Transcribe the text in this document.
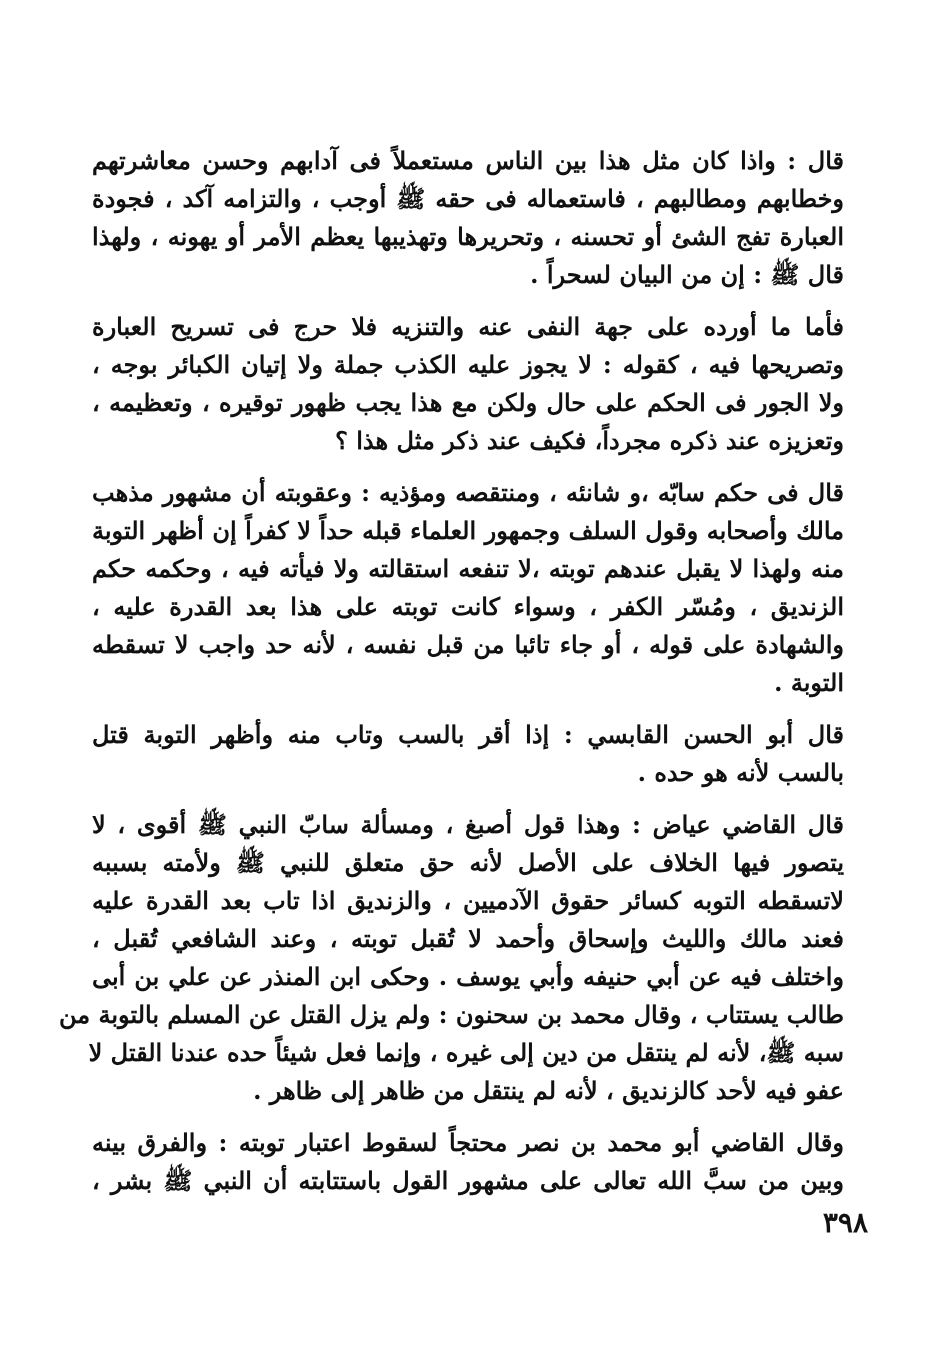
قال : واذا كان مثل هذا بين الناس مستعملاً فى آدابهم وحسن معاشرتهم
وخطابهم ومطالبهم ، فاستعماله فى حقه ﷺ أوجب ، والتزامه آكد ، فجودة
العبارة تفج الشئ أو تحسنه ، وتحريرها وتهذيبها يعظم الأمر أو يهونه ، ولهذا
قال ﷺ : إن من البيان لسحراً .

فأما ما أورده على جهة النفى عنه والتنزيه فلا حرج فى تسريح العبارة
وتصريحها فيه ، كقوله : لا يجوز عليه الكذب جملة ولا إتيان الكبائر بوجه ،
ولا الجور فى الحكم على حال ولكن مع هذا يجب ظهور توقيره ، وتعظيمه ،
وتعزيزه عند ذكره مجرداً، فكيف عند ذكر مثل هذا ؟

قال فى حكم سابّه ،و شانئه ، ومنتقصه ومؤذيه : وعقوبته أن مشهور مذهب
مالك وأصحابه وقول السلف وجمهور العلماء قبله حداً لا كفراً إن أظهر التوبة
منه ولهذا لا يقبل عندهم توبته ،لا تنفعه استقالته ولا فيأته فيه ، وحكمه حكم
الزنديق ، ومُسّر الكفر ، وسواء كانت توبته على هذا بعد القدرة عليه ،
والشهادة على قوله ، أو جاء تائبا من قبل نفسه ، لأنه حد واجب لا تسقطه
التوبة .

قال أبو الحسن القابسي : إذا أقر بالسب وتاب منه وأظهر التوبة قتل
بالسب لأنه هو حده .

قال القاضي عياض : وهذا قول أصبغ ، ومسألة سابّ النبي ﷺ أقوى ، لا
يتصور فيها الخلاف على الأصل لأنه حق متعلق للنبي ﷺ ولأمته بسببه
لاتسقطه التوبه كسائر حقوق الآدميين ، والزنديق اذا تاب بعد القدرة عليه
فعند مالك والليث وإسحاق وأحمد لا تُقبل توبته ، وعند الشافعي تُقبل ،
واختلف فيه عن أبي حنيفه وأبي يوسف . وحكى ابن المنذر عن علي بن أبى
طالب يستتاب ، وقال محمد بن سحنون : ولم يزل القتل عن المسلم بالتوبة من
سبه ﷺ، لأنه لم ينتقل من دين إلى غيره ، وإنما فعل شيئاً حده عندنا القتل لا
عفو فيه لأحد كالزنديق ، لأنه لم ينتقل من ظاهر إلى ظاهر .

وقال القاضي أبو محمد بن نصر محتجاً لسقوط اعتبار توبته : والفرق بينه
وبين من سبَّ الله تعالى على مشهور القول باستتابته أن النبي ﷺ بشر ،

٣٩٨
